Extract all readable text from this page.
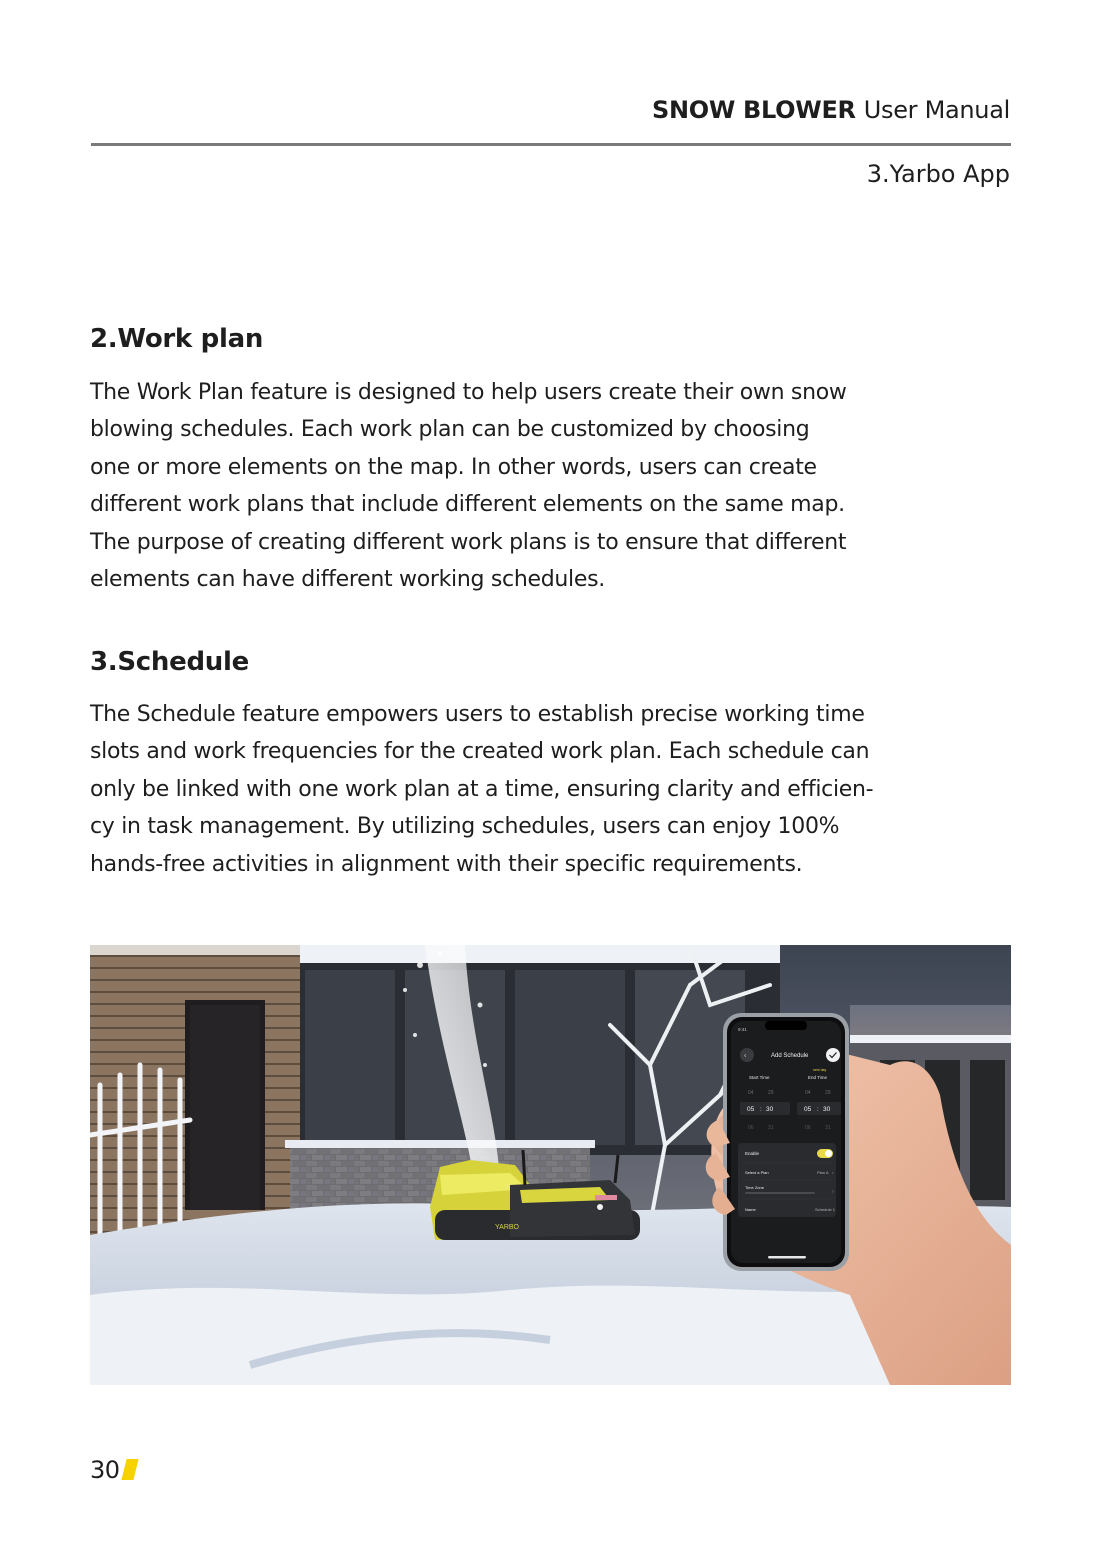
SNOW BLOWER User Manual
3.Yarbo App
2.Work plan
The Work Plan feature is designed to help users create their own snow
blowing schedules. Each work plan can be customized by choosing
one or more elements on the map. In other words, users can create
different work plans that include different elements on the same map.
The purpose of creating different work plans is to ensure that different
elements can have different working schedules.
3.Schedule
The Schedule feature empowers users to establish precise working time
slots and work frequencies for the created work plan. Each schedule can
only be linked with one work plan at a time, ensuring clarity and efficien-
cy in task management. By utilizing schedules, users can enjoy 100%
hands-free activities in alignment with their specific requirements.
YARBO
9:41
‹	Add Schedule
next day
Start Time	End Time
04	29	04	29
05 : 30	05 : 30
06	31	06	31
Enable
Select a Plan	Plan A ›
Time Zone
›
Name	Schedule 1
30
